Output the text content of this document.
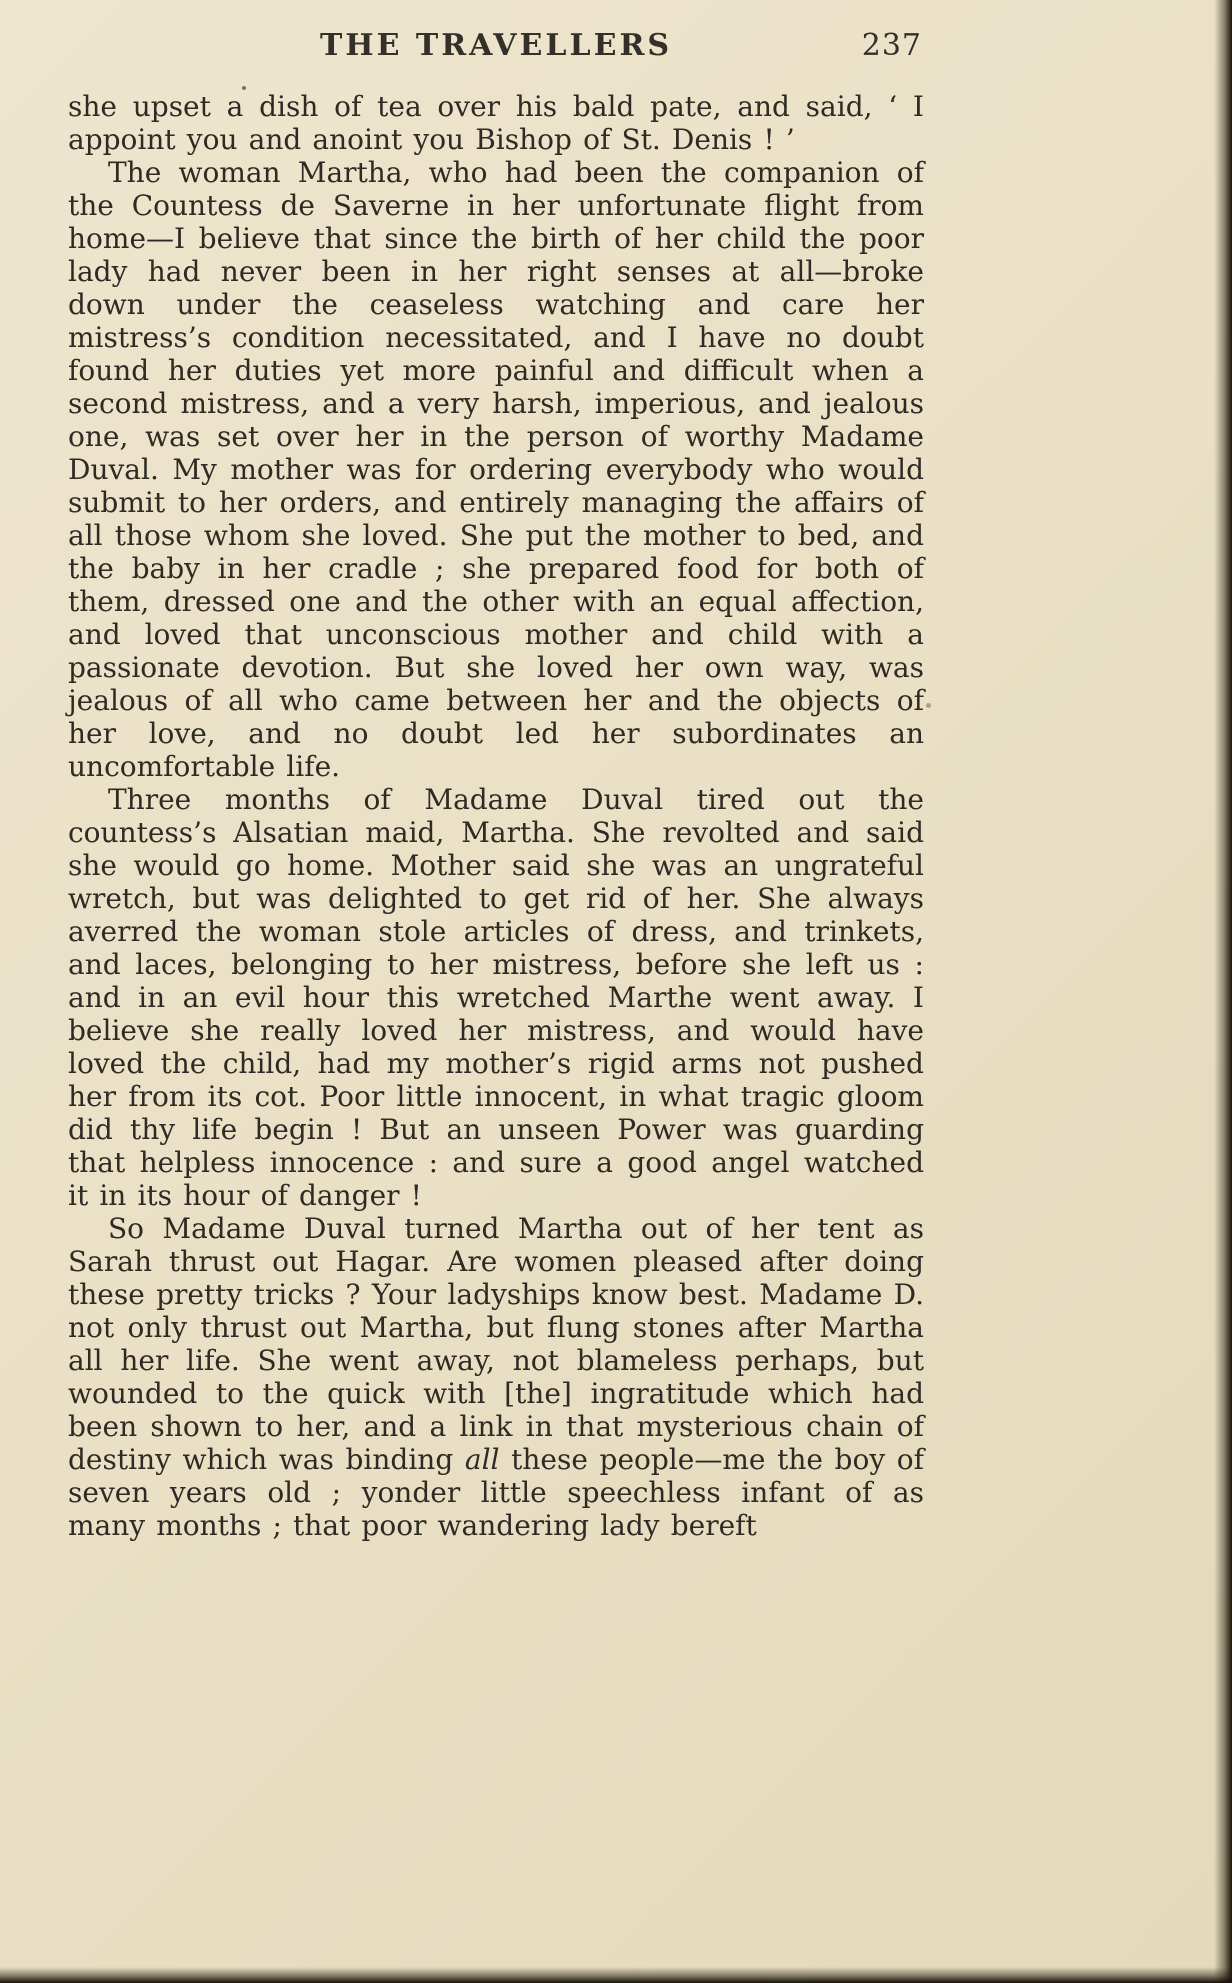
THE TRAVELLERS	237

she upset a dish of tea over his bald pate, and said, ‘ I appoint you and anoint you Bishop of St. Denis ! ’

The woman Martha, who had been the companion of the Countess de Saverne in her unfortunate flight from home—I believe that since the birth of her child the poor lady had never been in her right senses at all—broke down under the ceaseless watching and care her mistress’s condition necessitated, and I have no doubt found her duties yet more painful and difficult when a second mistress, and a very harsh, imperious, and jealous one, was set over her in the person of worthy Madame Duval. My mother was for ordering everybody who would submit to her orders, and entirely managing the affairs of all those whom she loved. She put the mother to bed, and the baby in her cradle ; she prepared food for both of them, dressed one and the other with an equal affection, and loved that unconscious mother and child with a passionate devotion. But she loved her own way, was jealous of all who came between her and the objects of her love, and no doubt led her subordinates an uncomfortable life.

Three months of Madame Duval tired out the countess’s Alsatian maid, Martha. She revolted and said she would go home. Mother said she was an ungrateful wretch, but was delighted to get rid of her. She always averred the woman stole articles of dress, and trinkets, and laces, belonging to her mistress, before she left us : and in an evil hour this wretched Marthe went away. I believe she really loved her mistress, and would have loved the child, had my mother’s rigid arms not pushed her from its cot. Poor little innocent, in what tragic gloom did thy life begin ! But an unseen Power was guarding that helpless innocence : and sure a good angel watched it in its hour of danger !

So Madame Duval turned Martha out of her tent as Sarah thrust out Hagar. Are women pleased after doing these pretty tricks ? Your ladyships know best. Madame D. not only thrust out Martha, but flung stones after Martha all her life. She went away, not blameless perhaps, but wounded to the quick with [the] ingratitude which had been shown to her, and a link in that mysterious chain of destiny which was binding all these people—me the boy of seven years old ; yonder little speechless infant of as many months ; that poor wandering lady bereft
